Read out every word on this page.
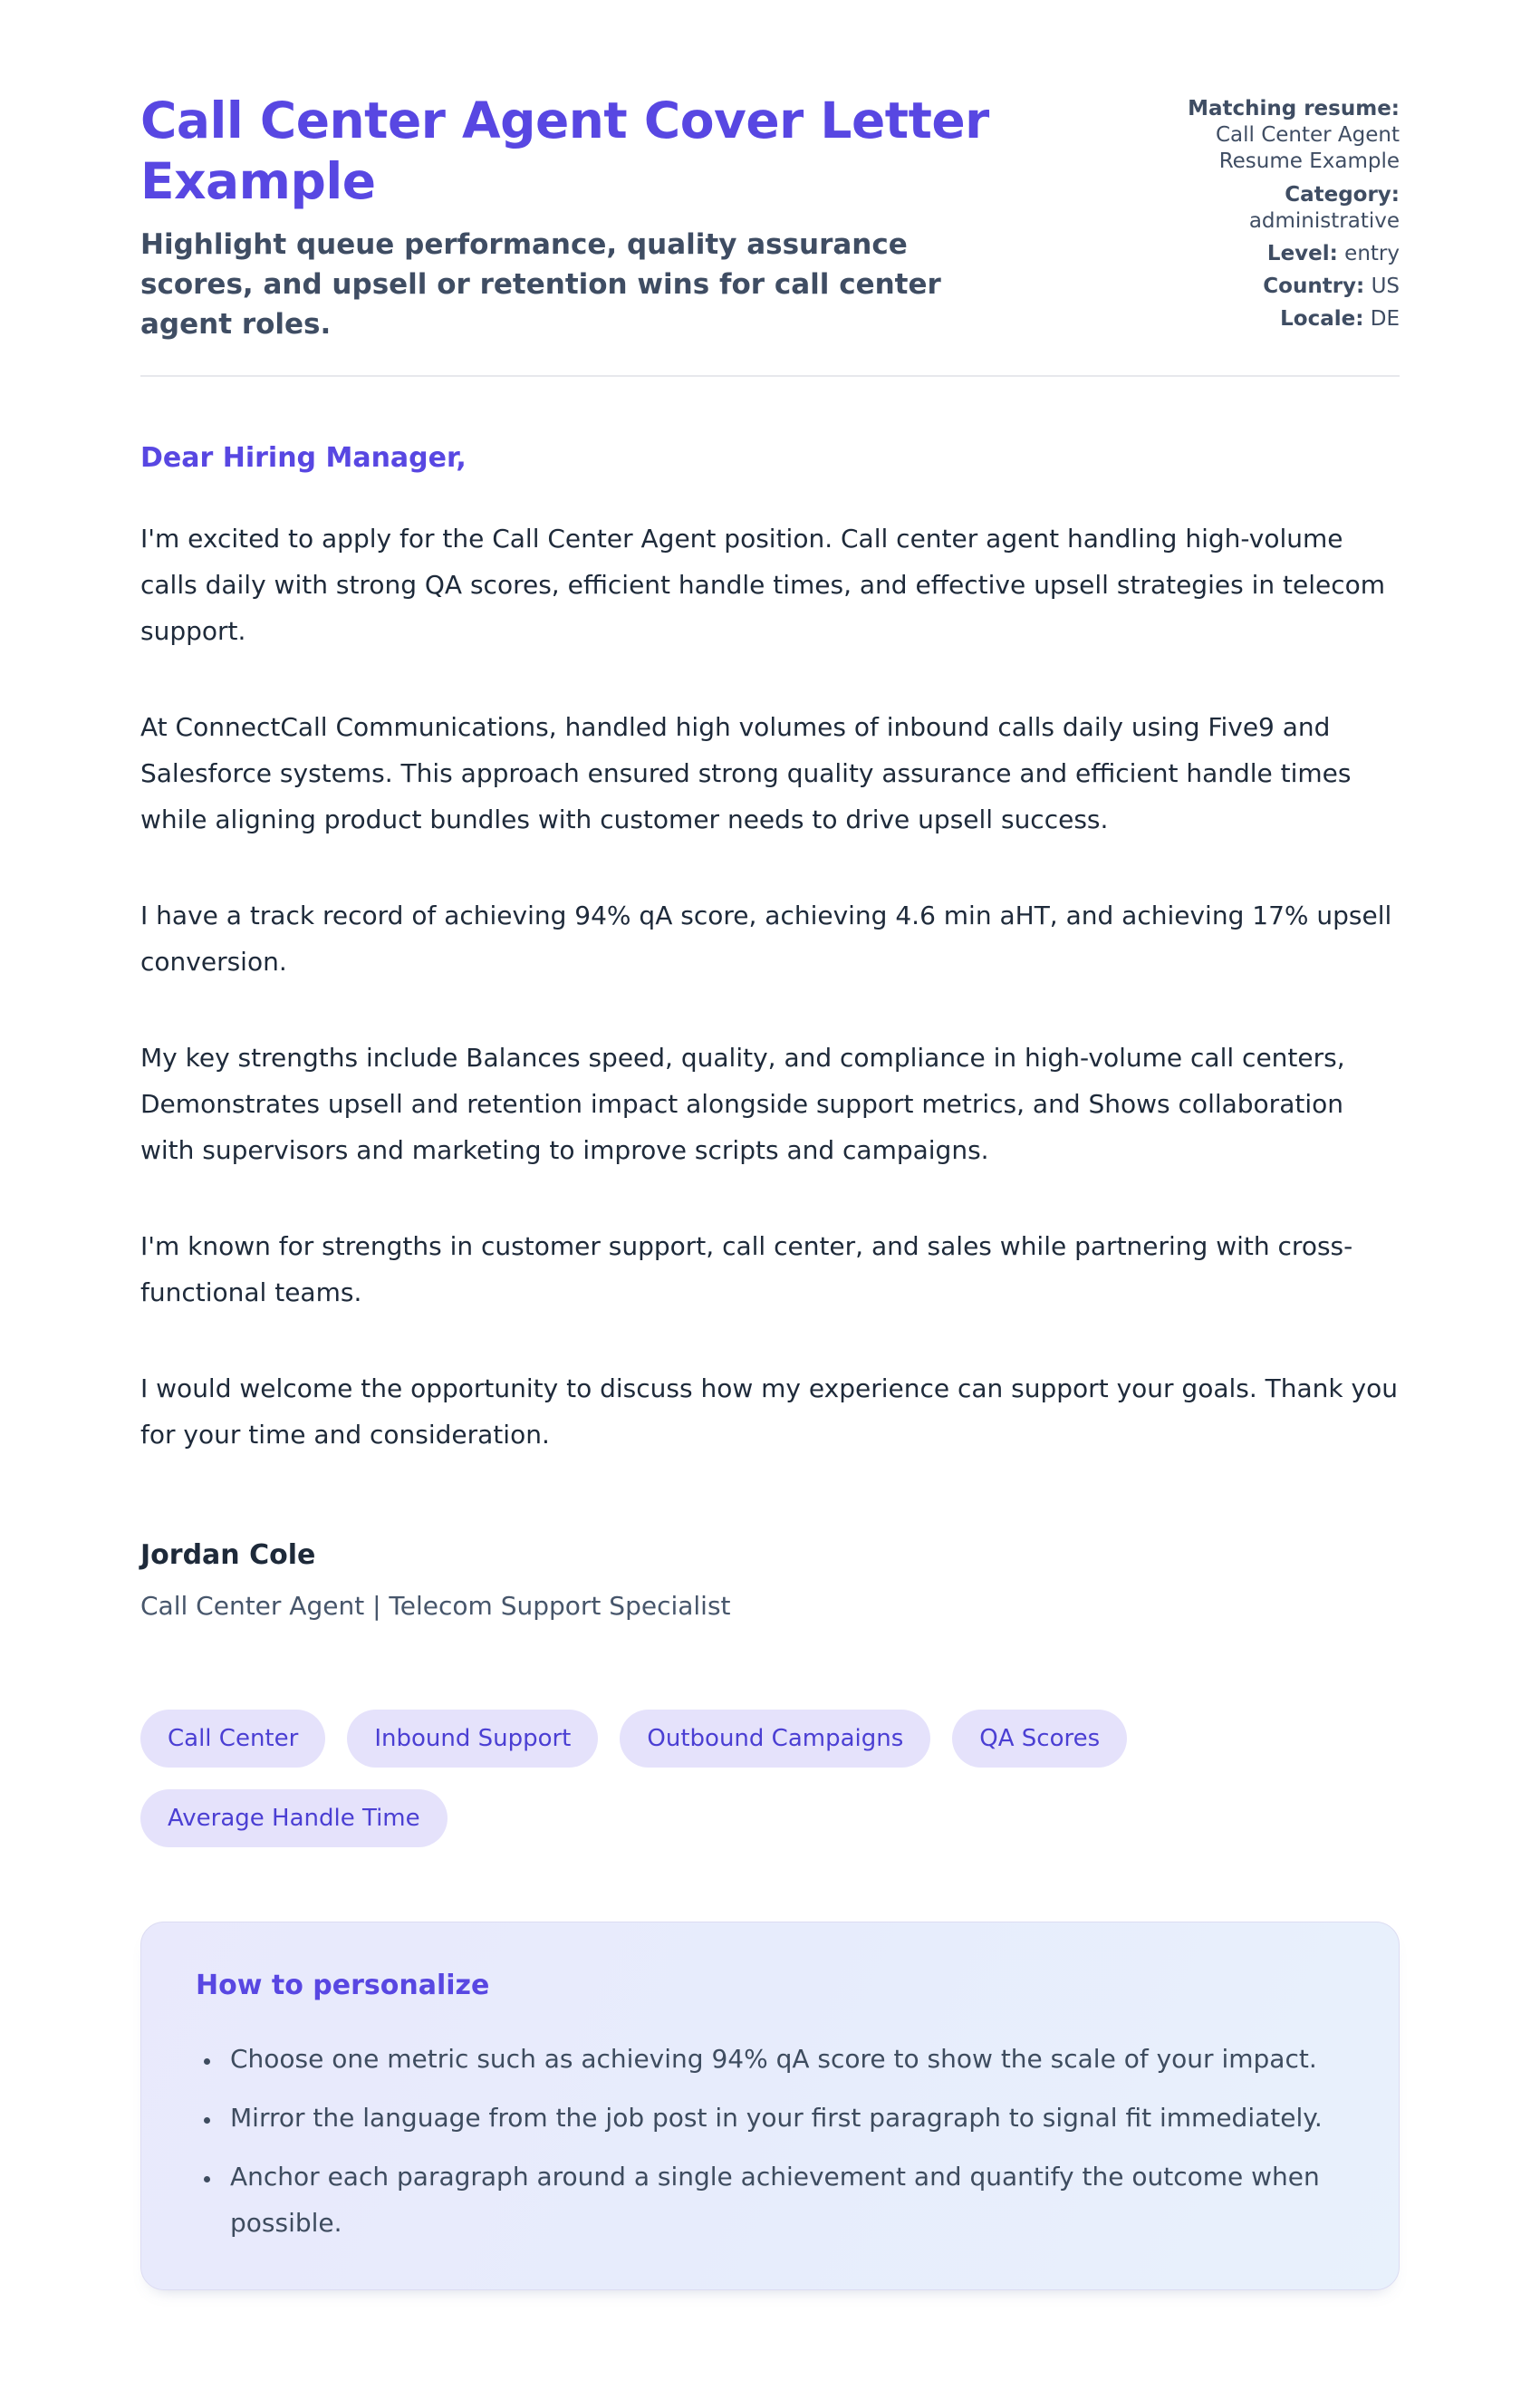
Call Center Agent Cover Letter Example
Highlight queue performance, quality assurance scores, and upsell or retention wins for call center agent roles.
Matching resume: Call Center Agent Resume Example
Category: administrative
Level: entry
Country: US
Locale: DE
Dear Hiring Manager,

I'm excited to apply for the Call Center Agent position. Call center agent handling high-volume calls daily with strong QA scores, efficient handle times, and effective upsell strategies in telecom support.

At ConnectCall Communications, handled high volumes of inbound calls daily using Five9 and Salesforce systems. This approach ensured strong quality assurance and efficient handle times while aligning product bundles with customer needs to drive upsell success.

I have a track record of achieving 94% qA score, achieving 4.6 min aHT, and achieving 17% upsell conversion.

My key strengths include Balances speed, quality, and compliance in high-volume call centers, Demonstrates upsell and retention impact alongside support metrics, and Shows collaboration with supervisors and marketing to improve scripts and campaigns.

I'm known for strengths in customer support, call center, and sales while partnering with cross-functional teams.

I would welcome the opportunity to discuss how my experience can support your goals. Thank you for your time and consideration.

Jordan Cole
Call Center Agent | Telecom Support Specialist
Call Center	Inbound Support	Outbound Campaigns	QA Scores
Average Handle Time
How to personalize
• Choose one metric such as achieving 94% qA score to show the scale of your impact.
• Mirror the language from the job post in your first paragraph to signal fit immediately.
• Anchor each paragraph around a single achievement and quantify the outcome when possible.
